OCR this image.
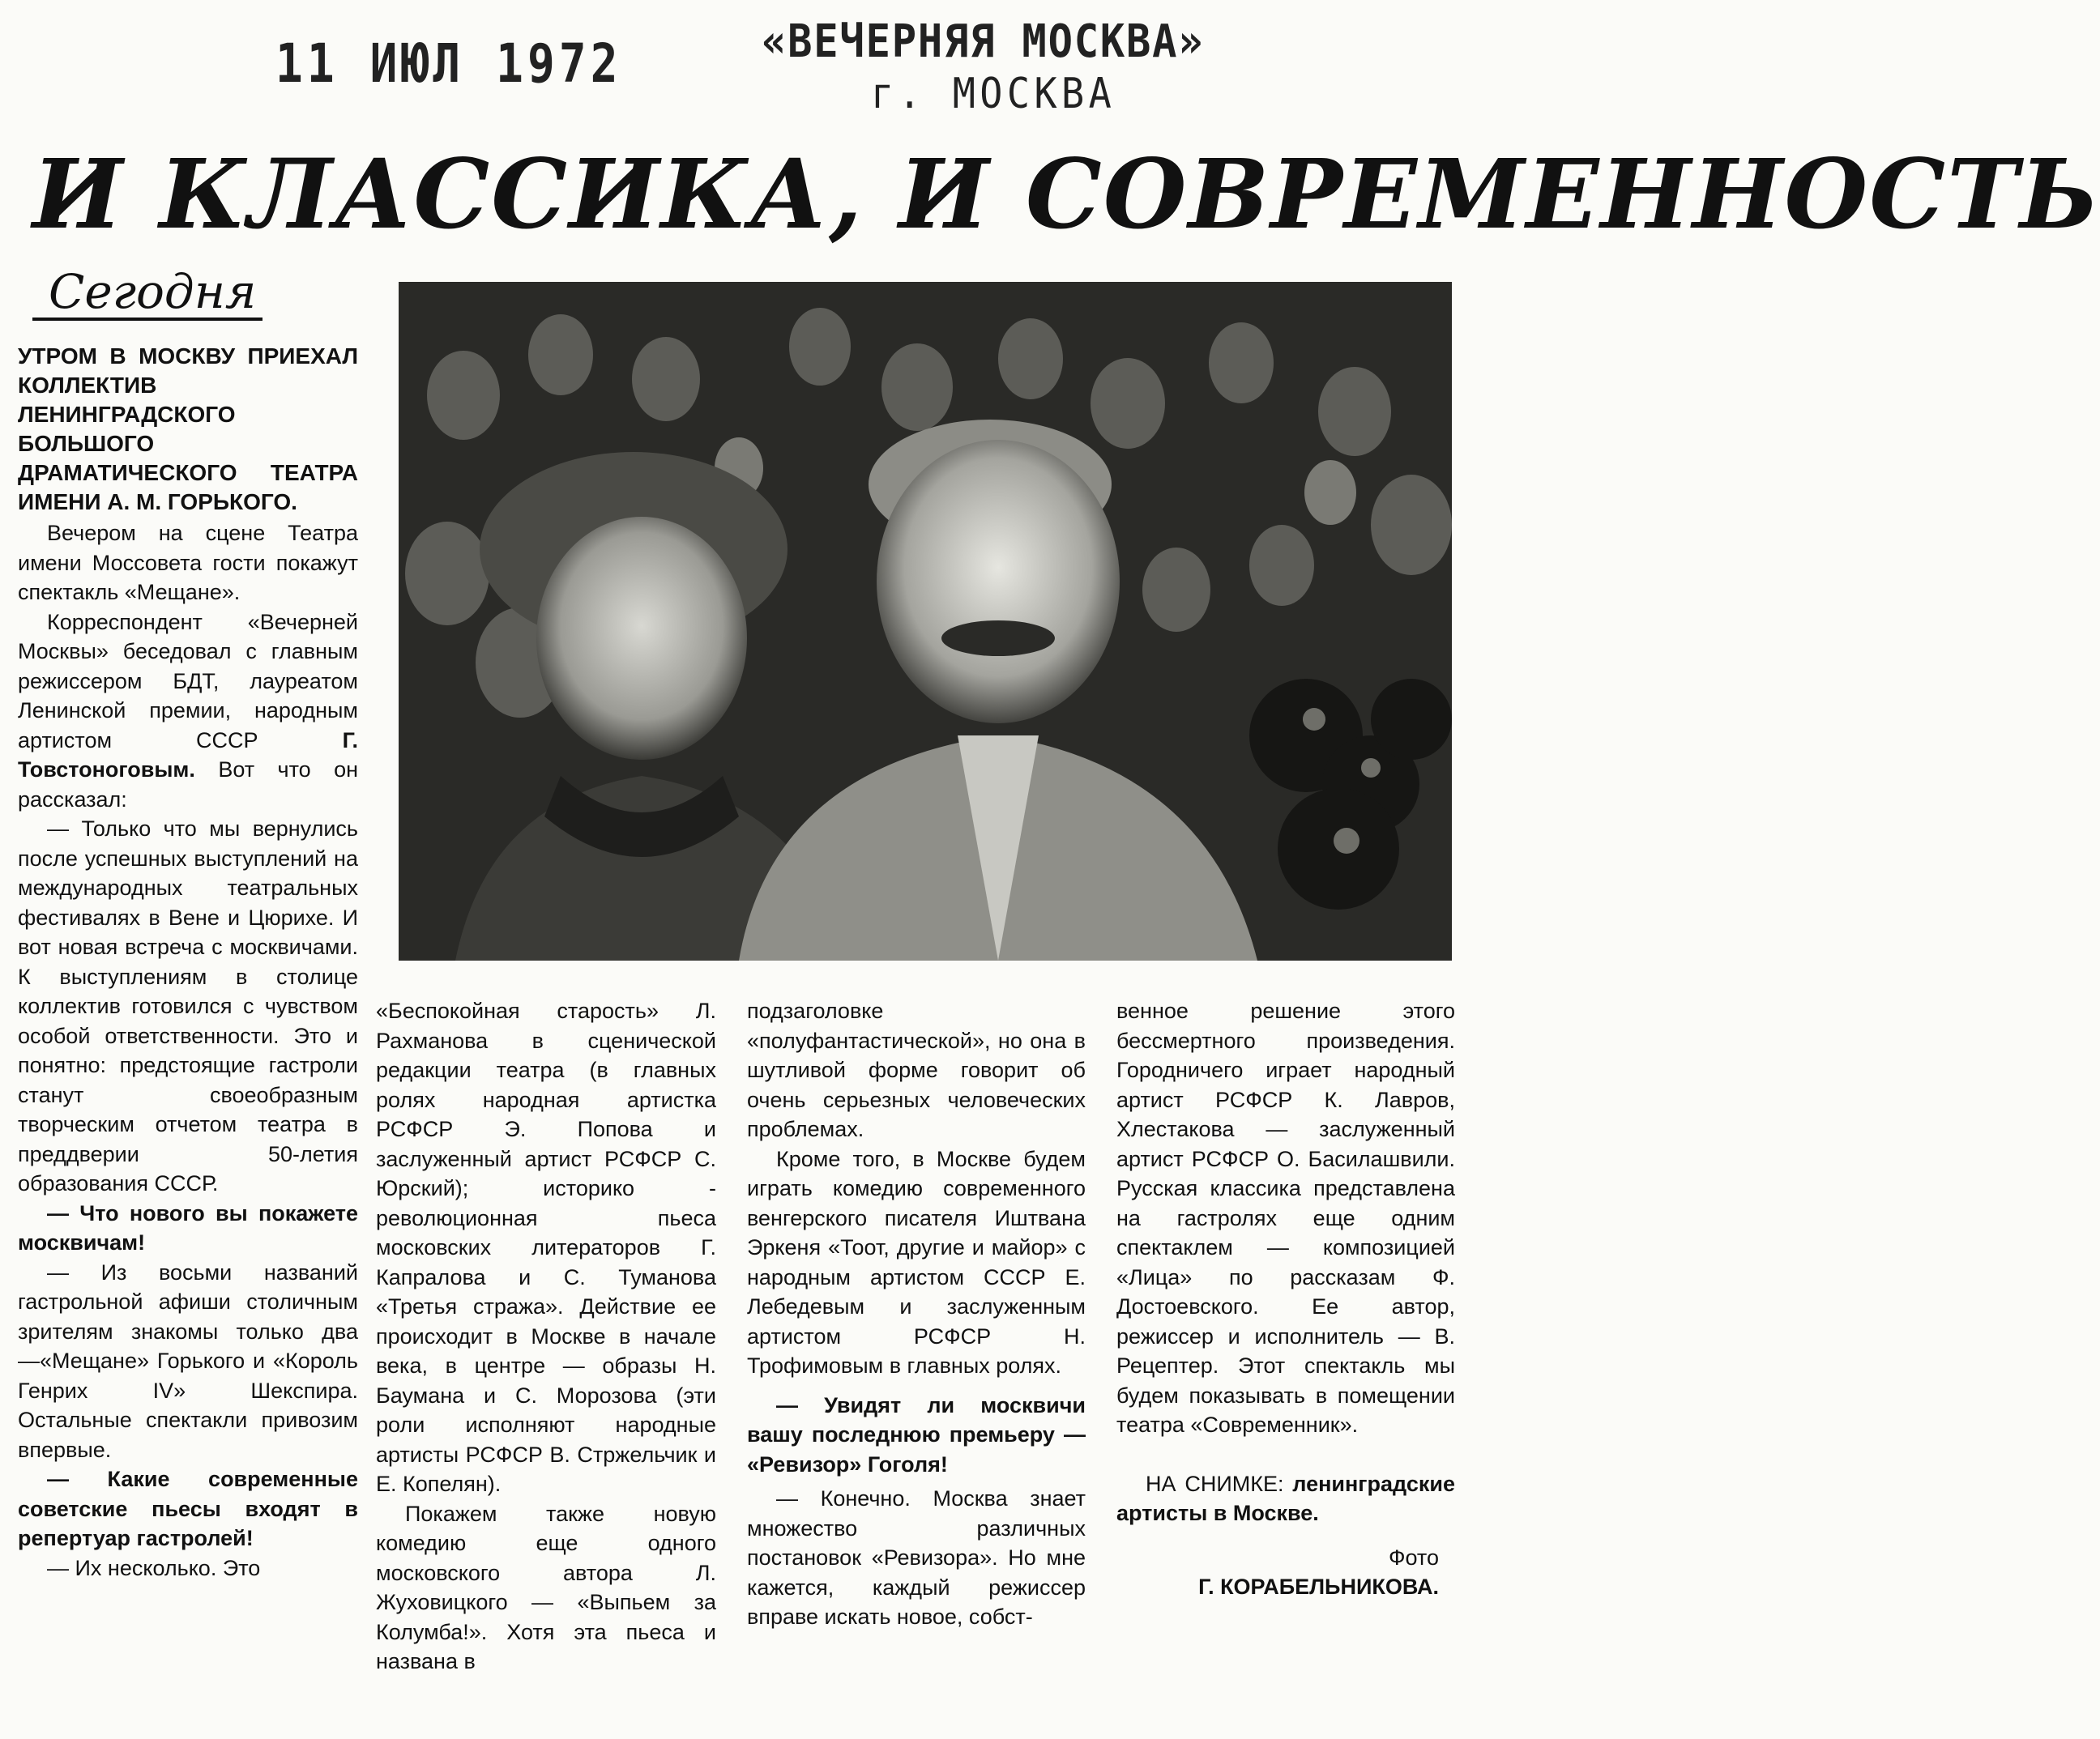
11 ИЮЛ 1972	«ВЕЧЕРНЯЯ МОСКВА»
г. МОСКВА
И КЛАССИКА, И СОВРЕМЕННОСТЬ
Сегодня
УТРОМ В МОСКВУ ПРИЕХАЛ КОЛЛЕКТИВ ЛЕНИНГРАДСКОГО БОЛЬШОГО ДРАМАТИЧЕСКОГО ТЕАТРА ИМЕНИ А. М. ГОРЬКОГО.

Вечером на сцене Театра имени Моссовета гости покажут спектакль «Мещане».

Корреспондент «Вечерней Москвы» беседовал с главным режиссером БДТ, лауреатом Ленинской премии, народным артистом СССР Г. Товстоноговым. Вот что он рассказал:

— Только что мы вернулись после успешных выступлений на международных театральных фестивалях в Вене и Цюрихе. И вот новая встреча с москвичами. К выступлениям в столице коллектив готовился с чувством особой ответственности. Это и понятно: предстоящие гастроли станут своеобразным творческим отчетом театра в преддверии 50-летия образования СССР.

— Что нового вы покажете москвичам!

— Из восьми названий гастрольной афиши столичным зрителям знакомы только два —«Мещане» Горького и «Король Генрих IV» Шекспира. Остальные спектакли привозим впервые.

— Какие современные советские пьесы входят в репертуар гастролей!

— Их несколько. Это

«Беспокойная старость» Л. Рахманова в сценической редакции театра (в главных ролях народная артистка РСФСР Э. Попова и заслуженный артист РСФСР С. Юрский); историко - революционная пьеса московских литераторов Г. Капралова и С. Туманова «Третья стража». Действие ее происходит в Москве в начале века, в центре — образы Н. Баумана и С. Морозова (эти роли исполняют народные артисты РСФСР В. Стржельчик и Е. Копелян).

Покажем также новую комедию еще одного московского автора Л. Жуховицкого — «Выпьем за Колумба!». Хотя эта пьеса и названа в

подзаголовке «полуфантастической», но она в шутливой форме говорит об очень серьезных человеческих проблемах.

Кроме того, в Москве будем играть комедию современного венгерского писателя Иштвана Эркеня «Тоот, другие и майор» с народным артистом СССР Е. Лебедевым и заслуженным артистом РСФСР Н. Трофимовым в главных ролях.

— Увидят ли москвичи вашу последнюю премьеру — «Ревизор» Гоголя!

— Конечно. Москва знает множество различных постановок «Ревизора». Но мне кажется, каждый режиссер вправе искать новое, собст-

венное решение этого бессмертного произведения. Городничего играет народный артист РСФСР К. Лавров, Хлестакова — заслуженный артист РСФСР О. Басилашвили. Русская классика представлена на гастролях еще одним спектаклем — композицией «Лица» по рассказам Ф. Достоевского. Ее автор, режиссер и исполнитель — В. Рецептер. Этот спектакль мы будем показывать в помещении театра «Современник».

НА СНИМКЕ: ленинградские артисты в Москве.

Фото
Г. КОРАБЕЛЬНИКОВА.
